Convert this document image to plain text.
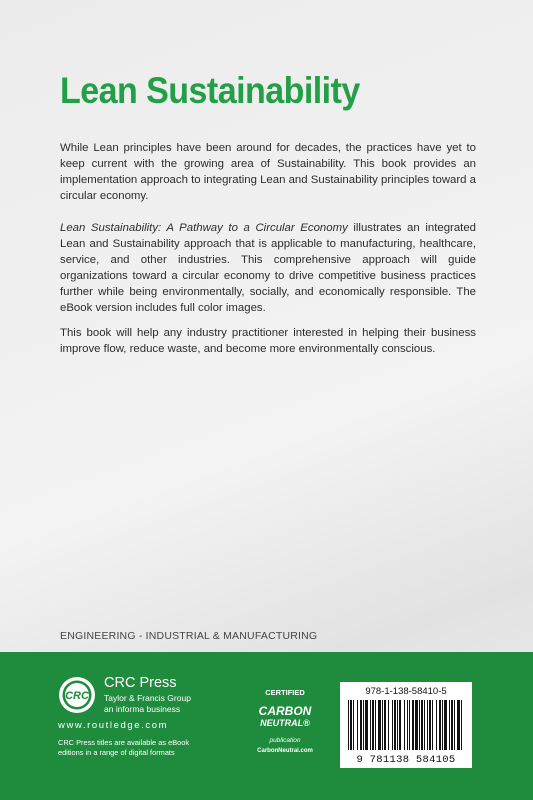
Lean Sustainability

While Lean principles have been around for decades, the practices have yet to keep current with the growing area of Sustainability. This book provides an implementation approach to integrating Lean and Sustainability principles toward a circular economy.

Lean Sustainability: A Pathway to a Circular Economy illustrates an integrated Lean and Sustainability approach that is applicable to manufacturing, healthcare, service, and other industries. This comprehensive approach will guide organizations toward a circular economy to drive competitive business practices further while being environmentally, socially, and economically responsible. The eBook version includes full color images.

This book will help any industry practitioner interested in helping their business improve flow, reduce waste, and become more environmentally conscious.

ENGINEERING - INDUSTRIAL & MANUFACTURING
CRC
CRC Press
Taylor & Francis Group
an informa business
www.routledge.com
CRC Press titles are available as eBook editions in a range of digital formats
CERTIFIED
CARBON
NEUTRAL®
publication
CarbonNeutral.com
978-1-138-58410-5
9 781138 584105
